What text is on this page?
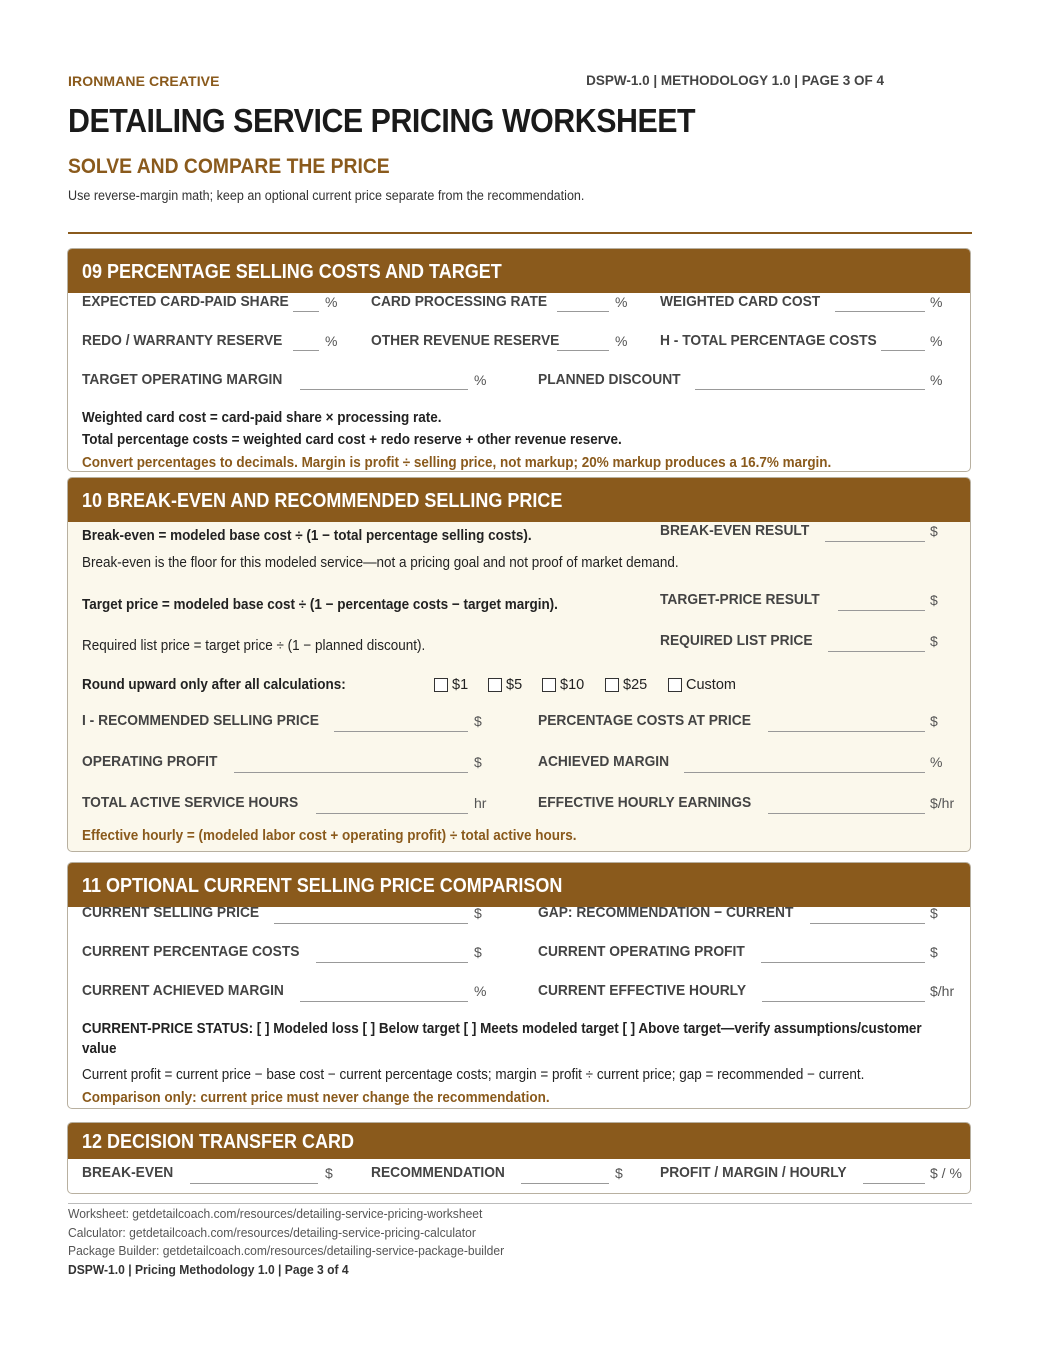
IRONMANE CREATIVE	DSPW-1.0 | METHODOLOGY 1.0 | PAGE 3 OF 4
DETAILING SERVICE PRICING WORKSHEET
SOLVE AND COMPARE THE PRICE
Use reverse-margin math; keep an optional current price separate from the recommendation.
09 PERCENTAGE SELLING COSTS AND TARGET
EXPECTED CARD-PAID SHARE	% CARD PROCESSING RATE	% WEIGHTED CARD COST	%
REDO / WARRANTY RESERVE	% OTHER REVENUE RESERVE	% H - TOTAL PERCENTAGE COSTS	%
TARGET OPERATING MARGIN	%	PLANNED DISCOUNT	%
Weighted card cost = card-paid share × processing rate.
Total percentage costs = weighted card cost + redo reserve + other revenue reserve.
Convert percentages to decimals. Margin is profit ÷ selling price, not markup; 20% markup produces a 16.7% margin.
10 BREAK-EVEN AND RECOMMENDED SELLING PRICE
Break-even = modeled base cost ÷ (1 − total percentage selling costs).	BREAK-EVEN RESULT	$
Break-even is the floor for this modeled service—not a pricing goal and not proof of market demand.
Target price = modeled base cost ÷ (1 − percentage costs − target margin).	TARGET-PRICE RESULT	$
Required list price = target price ÷ (1 − planned discount).	REQUIRED LIST PRICE	$
Round upward only after all calculations:	$1	$5	$10	$25	Custom
I - RECOMMENDED SELLING PRICE	$	PERCENTAGE COSTS AT PRICE	$
OPERATING PROFIT	$	ACHIEVED MARGIN	%
TOTAL ACTIVE SERVICE HOURS	hr	EFFECTIVE HOURLY EARNINGS	$/hr
Effective hourly = (modeled labor cost + operating profit) ÷ total active hours.
11 OPTIONAL CURRENT SELLING PRICE COMPARISON
CURRENT SELLING PRICE	$	GAP: RECOMMENDATION − CURRENT	$
CURRENT PERCENTAGE COSTS	$	CURRENT OPERATING PROFIT	$
CURRENT ACHIEVED MARGIN	%	CURRENT EFFECTIVE HOURLY	$/hr
CURRENT-PRICE STATUS: [ ] Modeled loss [ ] Below target [ ] Meets modeled target [ ] Above target—verify assumptions/customer
value
Current profit = current price − base cost − current percentage costs; margin = profit ÷ current price; gap = recommended − current.
Comparison only: current price must never change the recommendation.
12 DECISION TRANSFER CARD
BREAK-EVEN	$	RECOMMENDATION	$ PROFIT / MARGIN / HOURLY	$ / %
Worksheet: getdetailcoach.com/resources/detailing-service-pricing-worksheet
Calculator: getdetailcoach.com/resources/detailing-service-pricing-calculator
Package Builder: getdetailcoach.com/resources/detailing-service-package-builder
DSPW-1.0 | Pricing Methodology 1.0 | Page 3 of 4
